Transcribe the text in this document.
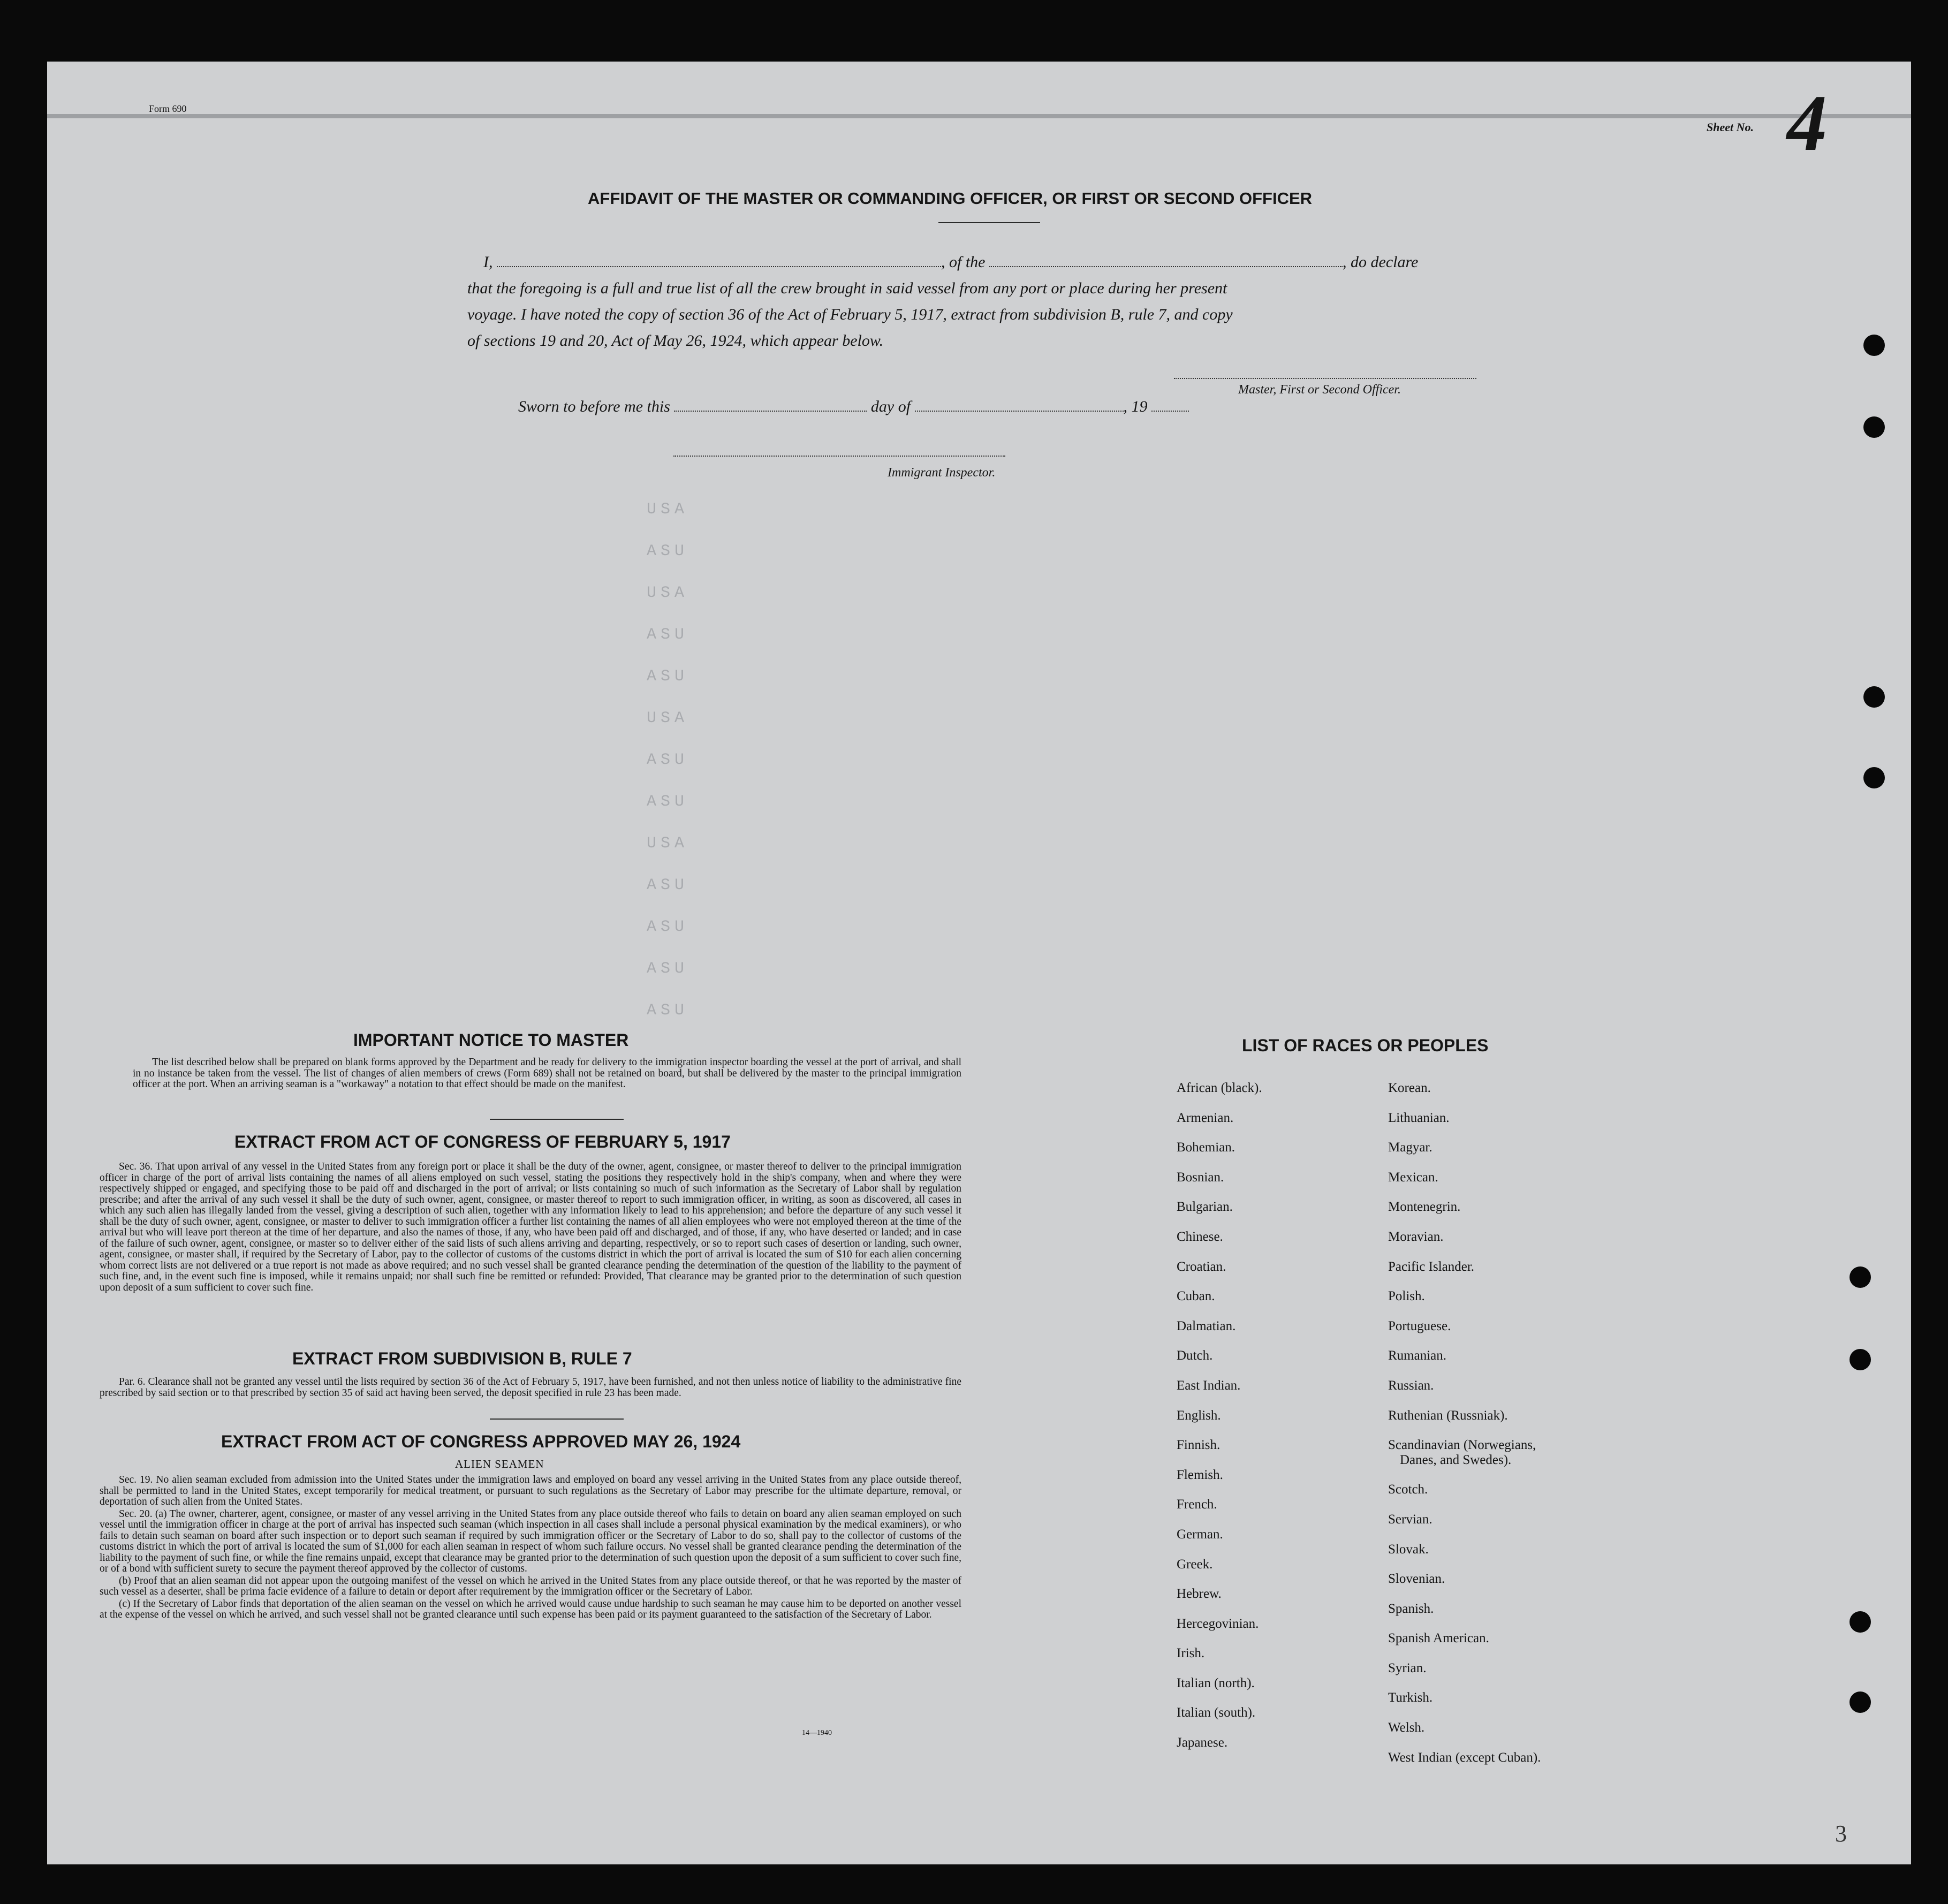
Form 690
Sheet No. 4
USA
ASU
USA
ASU
ASU
USA
ASU
ASU
USA
ASU
ASU
ASU
ASU
AFFIDAVIT OF THE MASTER OR COMMANDING OFFICER, OR FIRST OR SECOND OFFICER
I,	, of the	, do declare
that the foregoing is a full and true list of all the crew brought in said vessel from any port or place during her present
voyage. I have noted the copy of section 36 of the Act of February 5, 1917, extract from subdivision B, rule 7, and copy
of sections 19 and 20, Act of May 26, 1924, which appear below.
Master, First or Second Officer.
Sworn to before me this	day of	, 19
Immigrant Inspector.
IMPORTANT NOTICE TO MASTER

The list described below shall be prepared on blank forms approved by the Department and be ready for delivery to the immigration inspector boarding the vessel at the port of arrival, and shall in no instance be taken from the vessel. The list of changes of alien members of crews (Form 689) shall not be retained on board, but shall be delivered by the master to the principal immigration officer at the port. When an arriving seaman is a "workaway" a notation to that effect should be made on the manifest.

EXTRACT FROM ACT OF CONGRESS OF FEBRUARY 5, 1917

Sec. 36. That upon arrival of any vessel in the United States from any foreign port or place it shall be the duty of the owner, agent, consignee, or master thereof to deliver to the principal immigration officer in charge of the port of arrival lists containing the names of all aliens employed on such vessel, stating the positions they respectively hold in the ship's company, when and where they were respectively shipped or engaged, and specifying those to be paid off and discharged in the port of arrival; or lists containing so much of such information as the Secretary of Labor shall by regulation prescribe; and after the arrival of any such vessel it shall be the duty of such owner, agent, consignee, or master thereof to report to such immigration officer, in writing, as soon as discovered, all cases in which any such alien has illegally landed from the vessel, giving a description of such alien, together with any information likely to lead to his apprehension; and before the departure of any such vessel it shall be the duty of such owner, agent, consignee, or master to deliver to such immigration officer a further list containing the names of all alien employees who were not employed thereon at the time of the arrival but who will leave port thereon at the time of her departure, and also the names of those, if any, who have been paid off and discharged, and of those, if any, who have deserted or landed; and in case of the failure of such owner, agent, consignee, or master so to deliver either of the said lists of such aliens arriving and departing, respectively, or so to report such cases of desertion or landing, such owner, agent, consignee, or master shall, if required by the Secretary of Labor, pay to the collector of customs of the customs district in which the port of arrival is located the sum of $10 for each alien concerning whom correct lists are not delivered or a true report is not made as above required; and no such vessel shall be granted clearance pending the determination of the question of the liability to the payment of such fine, and, in the event such fine is imposed, while it remains unpaid; nor shall such fine be remitted or refunded: Provided, That clearance may be granted prior to the determination of such question upon deposit of a sum sufficient to cover such fine.

EXTRACT FROM SUBDIVISION B, RULE 7

Par. 6. Clearance shall not be granted any vessel until the lists required by section 36 of the Act of February 5, 1917, have been furnished, and not then unless notice of liability to the administrative fine prescribed by said section or to that prescribed by section 35 of said act having been served, the deposit specified in rule 23 has been made.

EXTRACT FROM ACT OF CONGRESS APPROVED MAY 26, 1924
ALIEN SEAMEN

Sec. 19. No alien seaman excluded from admission into the United States under the immigration laws and employed on board any vessel arriving in the United States from any place outside thereof, shall be permitted to land in the United States, except temporarily for medical treatment, or pursuant to such regulations as the Secretary of Labor may prescribe for the ultimate departure, removal, or deportation of such alien from the United States.

Sec. 20. (a) The owner, charterer, agent, consignee, or master of any vessel arriving in the United States from any place outside thereof who fails to detain on board any alien seaman employed on such vessel until the immigration officer in charge at the port of arrival has inspected such seaman (which inspection in all cases shall include a personal physical examination by the medical examiners), or who fails to detain such seaman on board after such inspection or to deport such seaman if required by such immigration officer or the Secretary of Labor to do so, shall pay to the collector of customs of the customs district in which the port of arrival is located the sum of $1,000 for each alien seaman in respect of whom such failure occurs. No vessel shall be granted clearance pending the determination of the liability to the payment of such fine, or while the fine remains unpaid, except that clearance may be granted prior to the determination of such question upon the deposit of a sum sufficient to cover such fine, or of a bond with sufficient surety to secure the payment thereof approved by the collector of customs.

(b) Proof that an alien seaman did not appear upon the outgoing manifest of the vessel on which he arrived in the United States from any place outside thereof, or that he was reported by the master of such vessel as a deserter, shall be prima facie evidence of a failure to detain or deport after requirement by the immigration officer or the Secretary of Labor.

(c) If the Secretary of Labor finds that deportation of the alien seaman on the vessel on which he arrived would cause undue hardship to such seaman he may cause him to be deported on another vessel at the expense of the vessel on which he arrived, and such vessel shall not be granted clearance until such expense has been paid or its payment guaranteed to the satisfaction of the Secretary of Labor.

14—1940
LIST OF RACES OR PEOPLES
African (black).
Armenian.
Bohemian.
Bosnian.
Bulgarian.
Chinese.
Croatian.
Cuban.
Dalmatian.
Dutch.
East Indian.
English.
Finnish.
Flemish.
French.
German.
Greek.
Hebrew.
Hercegovinian.
Irish.
Italian (north).
Italian (south).
Japanese.
Korean.
Lithuanian.
Magyar.
Mexican.
Montenegrin.
Moravian.
Pacific Islander.
Polish.
Portuguese.
Rumanian.
Russian.
Ruthenian (Russniak).
Scandinavian (Norwegians,
Danes, and Swedes).
Scotch.
Servian.
Slovak.
Slovenian.
Spanish.
Spanish American.
Syrian.
Turkish.
Welsh.
West Indian (except Cuban).
3
